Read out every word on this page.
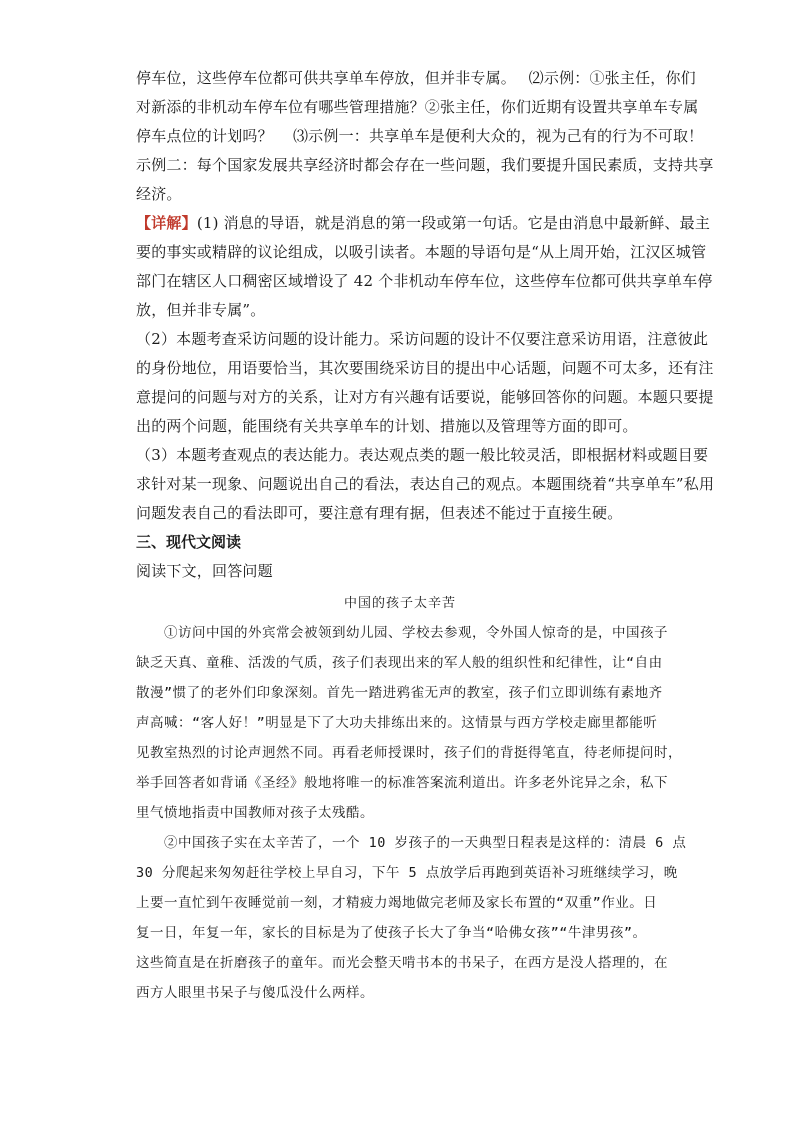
停车位，这些停车位都可供共享单车停放，但并非专属。　 ⑵示例：①张主任，你们
对新添的非机动车停车位有哪些管理措施？②张主任，你们近期有设置共享单车专属
停车点位的计划吗？　 ⑶示例一：共享单车是便利大众的，视为己有的行为不可取！
示例二：每个国家发展共享经济时都会存在一些问题，我们要提升国民素质，支持共享
经济。
【详解】(1) 消息的导语，就是消息的第一段或第一句话。它是由消息中最新鲜、最主
要的事实或精辟的议论组成，以吸引读者。本题的导语句是“从上周开始，江汉区城管
部门在辖区人口稠密区域增设了 42 个非机动车停车位，这些停车位都可供共享单车停
放，但并非专属”。
（2）本题考查采访问题的设计能力。采访问题的设计不仅要注意采访用语，注意彼此
的身份地位，用语要恰当，其次要围绕采访目的提出中心话题，问题不可太多，还有注
意提问的问题与对方的关系，让对方有兴趣有话要说，能够回答你的问题。本题只要提
出的两个问题，能围绕有关共享单车的计划、措施以及管理等方面的即可。
（3）本题考查观点的表达能力。表达观点类的题一般比较灵活，即根据材料或题目要
求针对某一现象、问题说出自己的看法，表达自己的观点。本题围绕着“共享单车”私用
问题发表自己的看法即可，要注意有理有据，但表述不能过于直接生硬。
三、现代文阅读
阅读下文，回答问题
中国的孩子太辛苦
　　①访问中国的外宾常会被领到幼儿园、学校去参观，令外国人惊奇的是，中国孩子
缺乏天真、童稚、活泼的气质，孩子们表现出来的军人般的组织性和纪律性，让“自由
散漫”惯了的老外们印象深刻。首先一踏进鸦雀无声的教室，孩子们立即训练有素地齐
声高喊：“客人好！”明显是下了大功夫排练出来的。这情景与西方学校走廊里都能听
见教室热烈的讨论声迥然不同。再看老师授课时，孩子们的背挺得笔直，待老师提问时，
举手回答者如背诵《圣经》般地将唯一的标准答案流利道出。许多老外诧异之余，私下
里气愤地指责中国教师对孩子太残酷。
　　②中国孩子实在太辛苦了，一个 10 岁孩子的一天典型日程表是这样的：清晨 6 点
30 分爬起来匆匆赶往学校上早自习，下午 5 点放学后再跑到英语补习班继续学习，晚
上要一直忙到午夜睡觉前一刻，才精疲力竭地做完老师及家长布置的“双重”作业。日
复一日，年复一年，家长的目标是为了使孩子长大了争当“哈佛女孩”“牛津男孩”。
这些简直是在折磨孩子的童年。而光会整天啃书本的书呆子，在西方是没人搭理的，在
西方人眼里书呆子与傻瓜没什么两样。
